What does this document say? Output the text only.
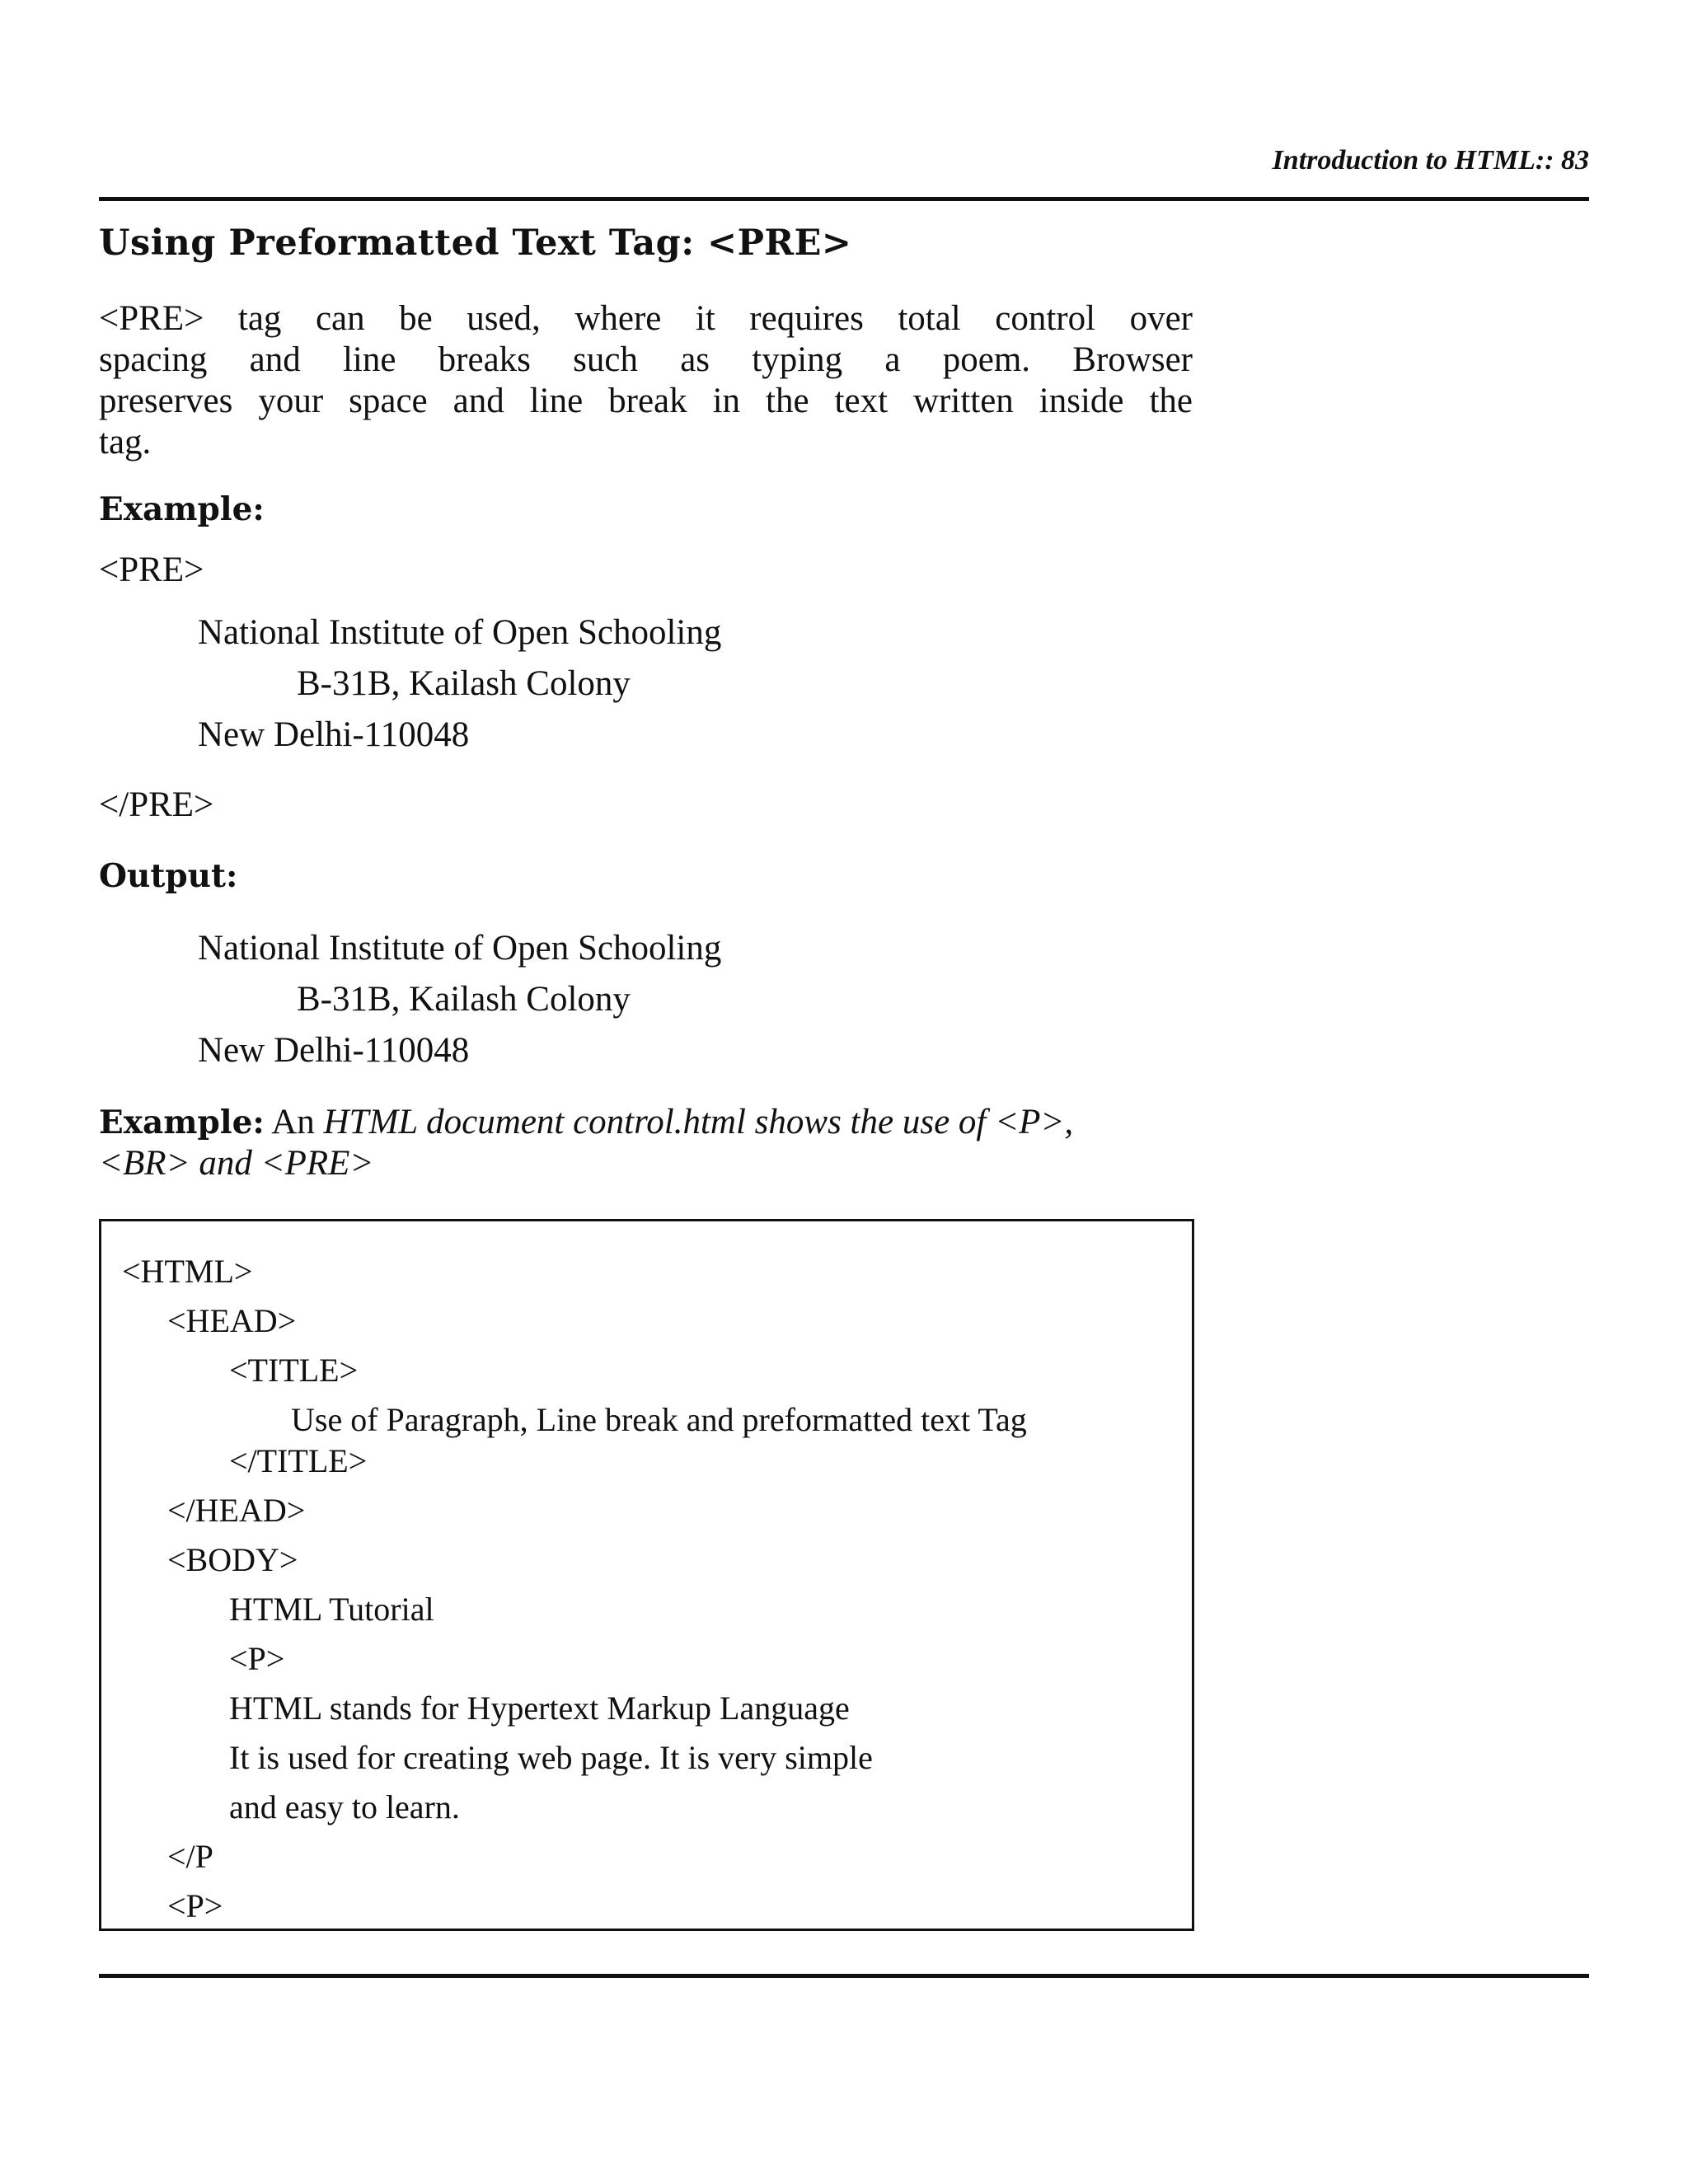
Introduction to HTML:: 83
Using Preformatted Text Tag: <PRE>
<PRE> tag can be used, where it requires total control over
spacing and line breaks such as typing a poem. Browser
preserves your space and line break in the text written inside the
tag.
Example:
<PRE>
National Institute of Open Schooling
B-31B, Kailash Colony
New Delhi-110048
</PRE>
Output:
National Institute of Open Schooling
B-31B, Kailash Colony
New Delhi-110048
Example: An HTML document control.html shows the use of <P>,
<BR> and <PRE>
<HTML>
<HEAD>
<TITLE>
Use of Paragraph, Line break and preformatted text Tag
</TITLE>
</HEAD>
<BODY>
HTML Tutorial
<P>
HTML stands for Hypertext Markup Language
It is used for creating web page. It is very simple
and easy to learn.
</P
<P>
